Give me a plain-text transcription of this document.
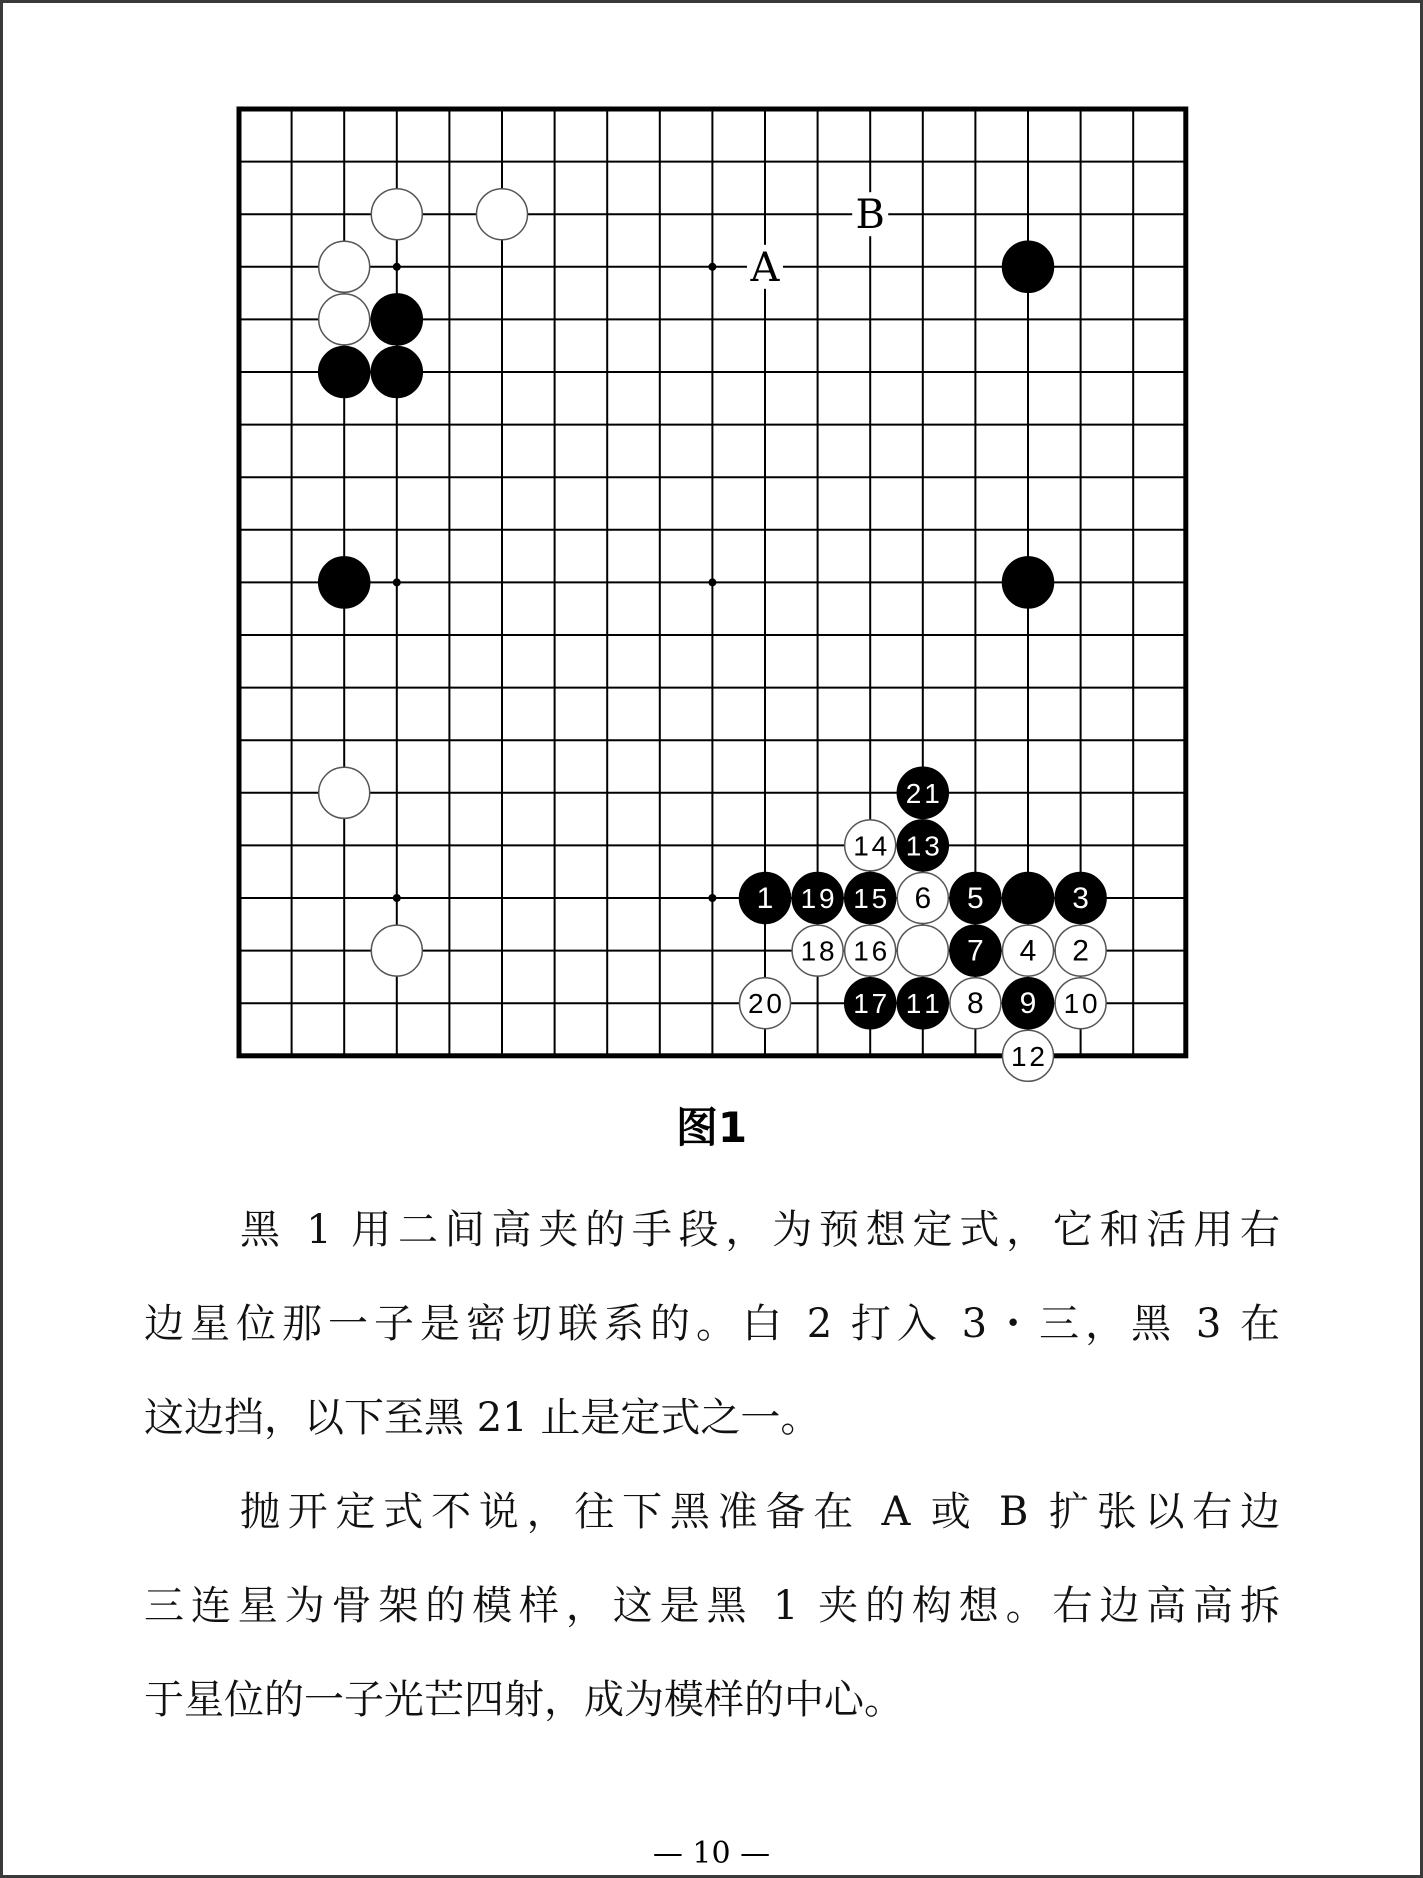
A
B
21
14 13
1 19 15 6 5	3
18 16	7 4 2
20	17 11 8 9 10
12
图1
黑 1 用二间高夹的手段，为预想定式，它和活用右
边星位那一子是密切联系的。白 2 打入 3・三，黑 3 在
这边挡，以下至黑 21 止是定式之一。
抛开定式不说，往下黑准备在 A 或 B 扩张以右边
三连星为骨架的模样，这是黑 1 夹的构想。右边高高拆
于星位的一子光芒四射，成为模样的中心。
— 10 —
